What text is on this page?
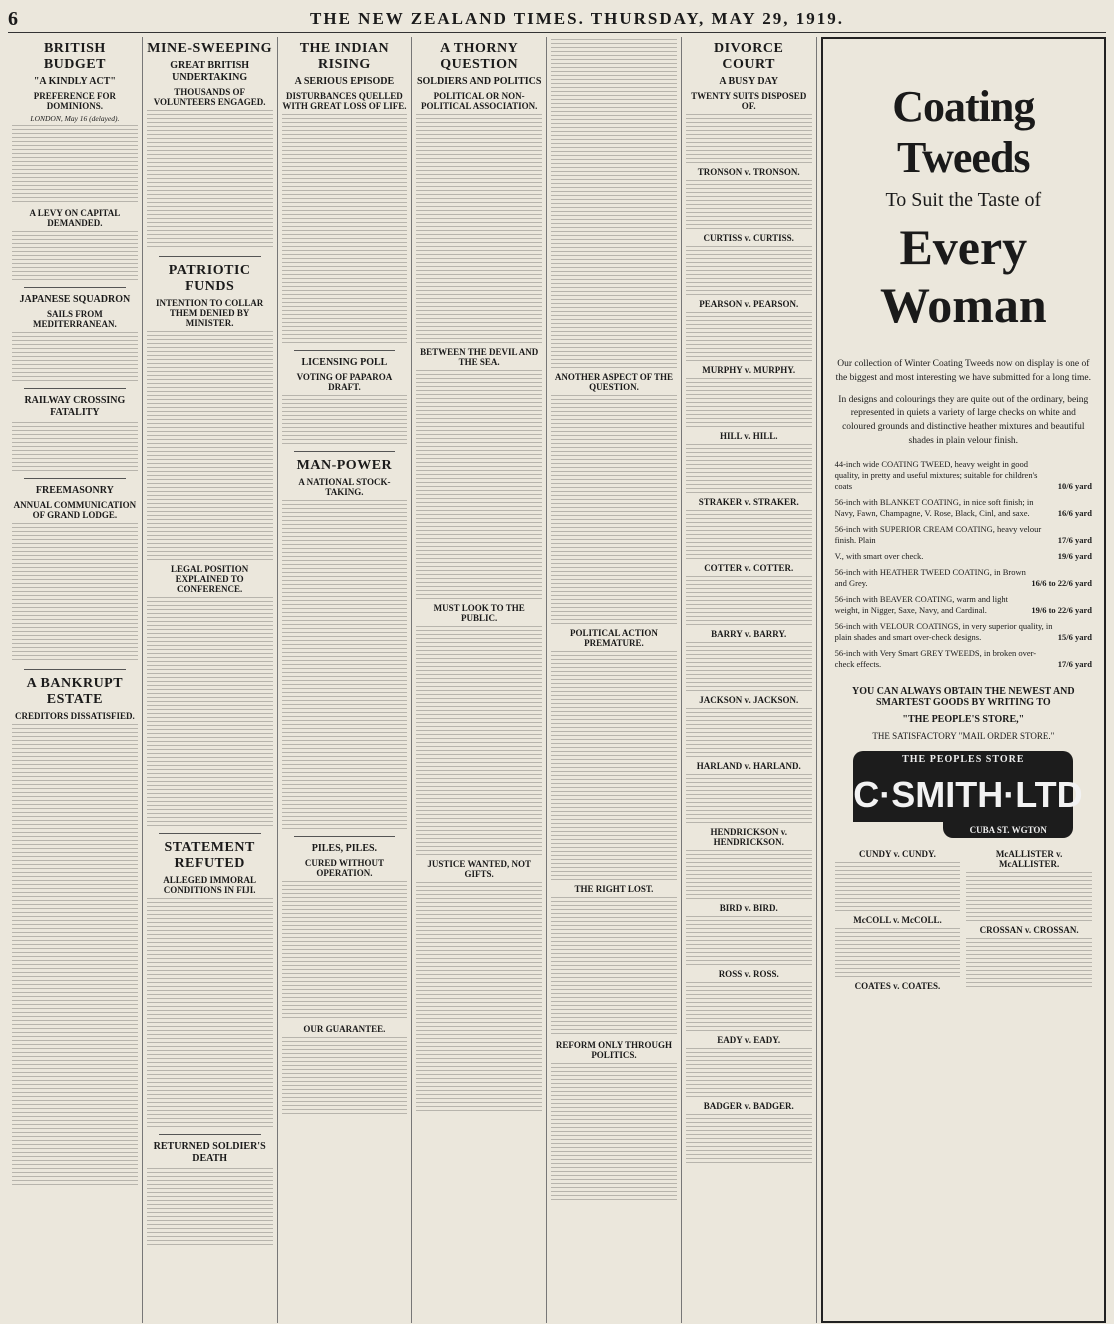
6	THE NEW ZEALAND TIMES. THURSDAY, MAY 29, 1919.
BRITISH BUDGET
"A KINDLY ACT"
PREFERENCE FOR DOMINIONS.
LONDON, May 16 (delayed).
A LEVY ON CAPITAL DEMANDED.
JAPANESE SQUADRON
SAILS FROM MEDITERRANEAN.
RAILWAY CROSSING FATALITY
FREEMASONRY
ANNUAL COMMUNICATION OF GRAND LODGE.
A BANKRUPT ESTATE
CREDITORS DISSATISFIED.
MINE-SWEEPING
GREAT BRITISH UNDERTAKING
THOUSANDS OF VOLUNTEERS ENGAGED.
PATRIOTIC FUNDS
INTENTION TO COLLAR THEM DENIED BY MINISTER.
LEGAL POSITION EXPLAINED TO CONFERENCE.
STATEMENT REFUTED
ALLEGED IMMORAL CONDITIONS IN FIJI.
RETURNED SOLDIER'S DEATH
THE INDIAN RISING
A SERIOUS EPISODE
DISTURBANCES QUELLED WITH GREAT LOSS OF LIFE.
LICENSING POLL
VOTING OF PAPAROA DRAFT.
MAN-POWER
A NATIONAL STOCK-TAKING.
PILES, PILES.
CURED WITHOUT OPERATION.
OUR GUARANTEE.
A THORNY QUESTION
SOLDIERS AND POLITICS
POLITICAL OR NON-POLITICAL ASSOCIATION.
BETWEEN THE DEVIL AND THE SEA.
MUST LOOK TO THE PUBLIC.
JUSTICE WANTED, NOT GIFTS.
ANOTHER ASPECT OF THE QUESTION.
POLITICAL ACTION PREMATURE.
THE RIGHT LOST.
REFORM ONLY THROUGH POLITICS.
DIVORCE COURT
A BUSY DAY
TWENTY SUITS DISPOSED OF.
TRONSON v. TRONSON.
CURTISS v. CURTISS.
PEARSON v. PEARSON.
MURPHY v. MURPHY.
HILL v. HILL.
STRAKER v. STRAKER.
COTTER v. COTTER.
BARRY v. BARRY.
JACKSON v. JACKSON.
HARLAND v. HARLAND.
HENDRICKSON v. HENDRICKSON.
BIRD v. BIRD.
ROSS v. ROSS.
EADY v. EADY.
BADGER v. BADGER.
Coating Tweeds
To Suit the Taste of
Every Woman
Our collection of Winter Coating Tweeds now on display is one of the biggest and most interesting we have submitted for a long time.
In designs and colourings they are quite out of the ordinary, being represented in quiets a variety of large checks on white and coloured grounds and distinctive heather mixtures and beautiful shades in plain velour finish.
44-inch wide COATING TWEED, heavy weight in good quality, in pretty and useful mixtures; suitable for children's coats	10/6 yard
56-inch with BLANKET COATING, in nice soft finish; in Navy, Fawn, Champagne, V. Rose, Black, Cinl, and saxe.	16/6 yard
56-inch with SUPERIOR CREAM COATING, heavy velour finish. Plain	17/6 yard
V., with smart over check.	19/6 yard
56-inch with HEATHER TWEED COATING, in Brown and Grey.	16/6 to 22/6 yard
56-inch with BEAVER COATING, warm and light weight, in Nigger, Saxe, Navy, and Cardinal.	19/6 to 22/6 yard
56-inch with VELOUR COATINGS, in very superior quality, in plain shades and smart over-check designs.	15/6 yard
56-inch with Very Smart GREY TWEEDS, in broken over-check effects.	17/6 yard
YOU CAN ALWAYS OBTAIN THE NEWEST AND SMARTEST GOODS BY WRITING TO
"THE PEOPLE'S STORE,"
THE SATISFACTORY "MAIL ORDER STORE."
THE PEOPLES STORE
C·SMITH·LTD
CUBA ST. WGTON
CUNDY v. CUNDY.
McCOLL v. McCOLL.
COATES v. COATES.
McALLISTER v. McALLISTER.
CROSSAN v. CROSSAN.
